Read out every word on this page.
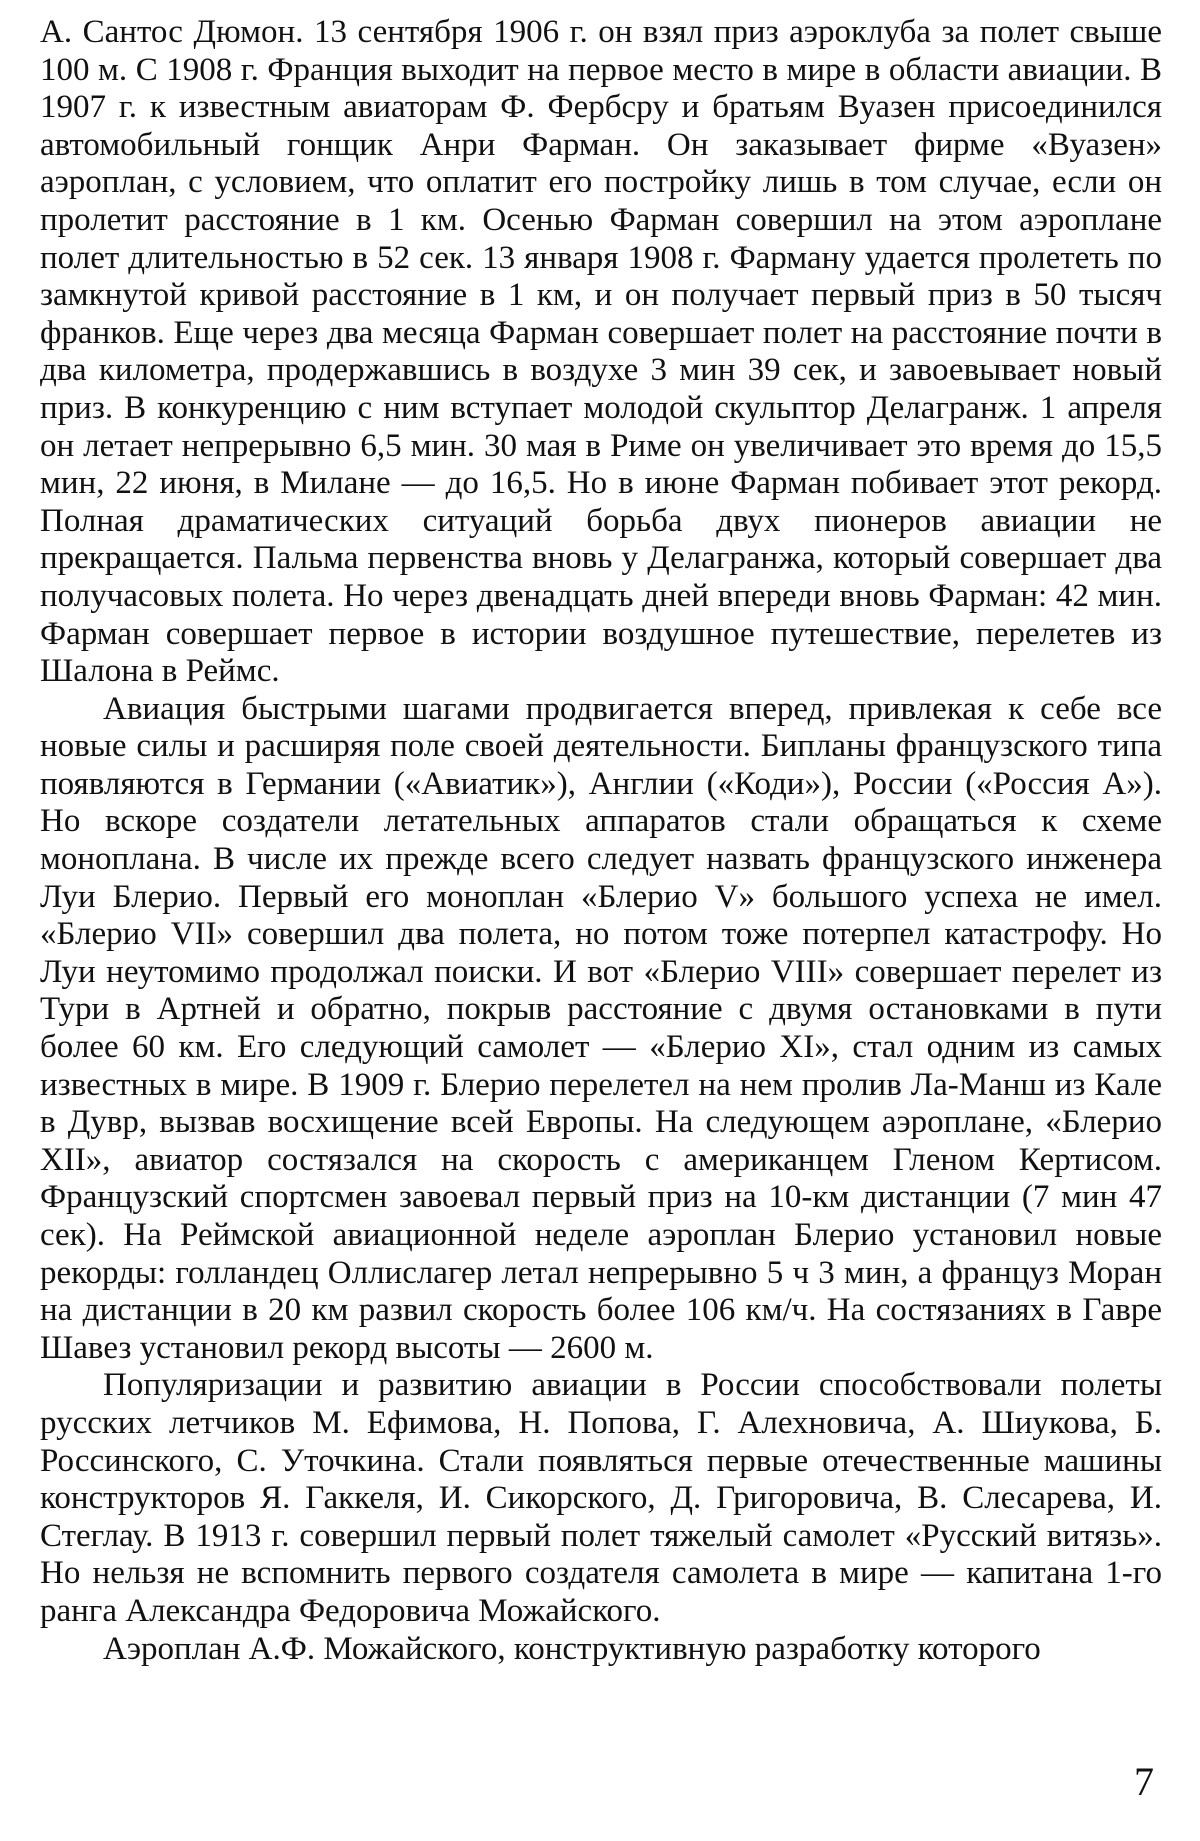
А. Сантос Дюмон. 13 сентября 1906 г. он взял приз аэроклуба за полет свыше 100 м. С 1908 г. Франция выходит на первое место в мире в области авиации. В 1907 г. к известным авиаторам Ф. Фербсру и братьям Вуазен присоединился автомобильный гонщик Анри Фарман. Он заказывает фирме «Вуазен» аэроплан, с условием, что оплатит его постройку лишь в том случае, если он пролетит расстояние в 1 км. Осенью Фарман совершил на этом аэроплане полет длительностью в 52 сек. 13 января 1908 г. Фарману удается пролететь по замкнутой кривой расстояние в 1 км, и он получает первый приз в 50 тысяч франков. Еще через два месяца Фарман совершает полет на расстояние почти в два километра, продержавшись в воздухе 3 мин 39 сек, и завоевывает новый приз. В конкуренцию с ним вступает молодой скульптор Делагранж. 1 апреля он летает непрерывно 6,5 мин. 30 мая в Риме он увеличивает это время до 15,5 мин, 22 июня, в Милане — до 16,5. Но в июне Фарман побивает этот рекорд. Полная драматических ситуаций борьба двух пионеров авиации не прекращается. Пальма первенства вновь у Делагранжа, который совершает два получасовых полета. Но через двенадцать дней впереди вновь Фарман: 42 мин. Фарман совершает первое в истории воздушное путешествие, перелетев из Шалона в Реймс.

Авиация быстрыми шагами продвигается вперед, привлекая к себе все новые силы и расширяя поле своей деятельности. Бипланы французского типа появляются в Германии («Авиатик»), Англии («Коди»), России («Россия А»). Но вскоре создатели летательных аппаратов стали обращаться к схеме моноплана. В числе их прежде всего следует назвать французского инженера Луи Блерио. Первый его моноплан «Блерио V» большого успеха не имел. «Блерио VII» совершил два полета, но потом тоже потерпел катастрофу. Но Луи неутомимо продолжал поиски. И вот «Блерио VIII» совершает перелет из Тури в Артней и обратно, покрыв расстояние с двумя остановками в пути более 60 км. Его следующий самолет — «Блерио XI», стал одним из самых известных в мире. В 1909 г. Блерио перелетел на нем пролив Ла-Манш из Кале в Дувр, вызвав восхищение всей Европы. На следующем аэроплане, «Блерио XII», авиатор состязался на скорость с американцем Гленом Кертисом. Французский спортсмен завоевал первый приз на 10-км дистанции (7 мин 47 сек). На Реймской авиационной неделе аэроплан Блерио установил новые рекорды: голландец Оллислагер летал непрерывно 5 ч 3 мин, а француз Моран на дистанции в 20 км развил скорость более 106 км/ч. На состязаниях в Гавре Шавез установил рекорд высоты — 2600 м.

Популяризации и развитию авиации в России способствовали полеты русских летчиков М. Ефимова, Н. Попова, Г. Алехновича, А. Шиукова, Б. Россинского, С. Уточкина. Стали появляться первые отечественные машины конструкторов Я. Гаккеля, И. Сикорского, Д. Григоровича, В. Слесарева, И. Стеглау. В 1913 г. совершил первый полет тяжелый самолет «Русский витязь». Но нельзя не вспомнить первого создателя самолета в мире — капитана 1-го ранга Александра Федоровича Можайского.

Аэроплан А.Ф. Можайского, конструктивную разработку которого

7
